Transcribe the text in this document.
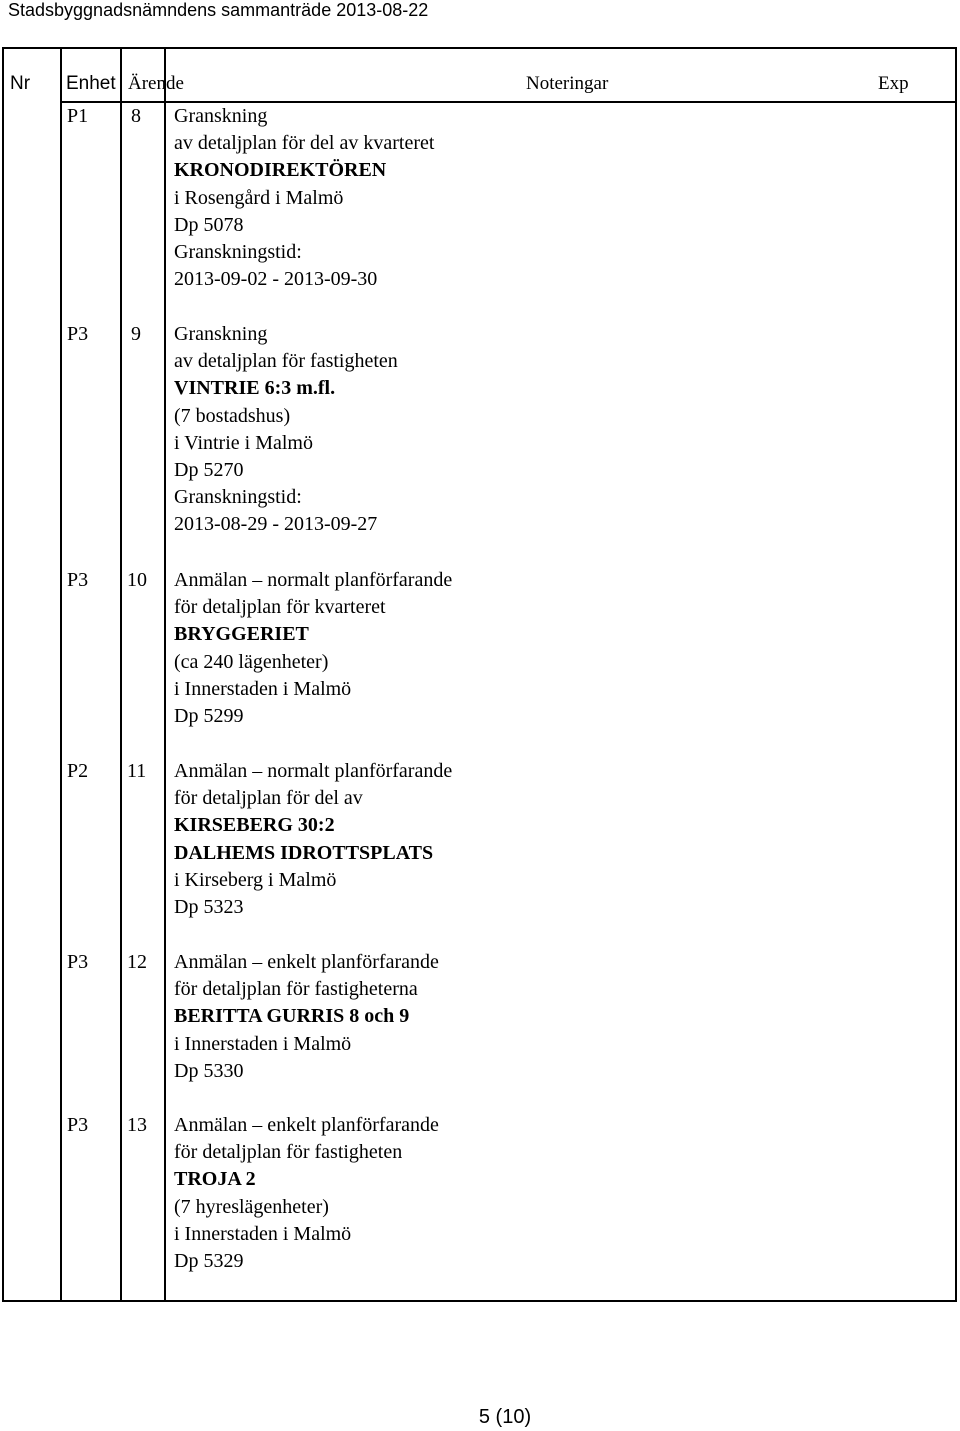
Stadsbyggnadsnämndens sammanträde 2013-08-22
Nr Enhet Ärende	Noteringar	Exp
P1 8 Granskning
av detaljplan för del av kvarteret
KRONODIREKTÖREN
i Rosengård i Malmö
Dp 5078
Granskningstid:
2013-09-02 - 2013-09-30
P3 9 Granskning
av detaljplan för fastigheten
VINTRIE 6:3 m.fl.
(7 bostadshus)
i Vintrie i Malmö
Dp 5270
Granskningstid:
2013-08-29 - 2013-09-27
P3 10 Anmälan – normalt planförfarande
för detaljplan för kvarteret
BRYGGERIET
(ca 240 lägenheter)
i Innerstaden i Malmö
Dp 5299
P2 11 Anmälan – normalt planförfarande
för detaljplan för del av
KIRSEBERG 30:2
DALHEMS IDROTTSPLATS
i Kirseberg i Malmö
Dp 5323
P3 12 Anmälan – enkelt planförfarande
för detaljplan för fastigheterna
BERITTA GURRIS 8 och 9
i Innerstaden i Malmö
Dp 5330
P3 13 Anmälan – enkelt planförfarande
för detaljplan för fastigheten
TROJA 2
(7 hyreslägenheter)
i Innerstaden i Malmö
Dp 5329
5 (10)
